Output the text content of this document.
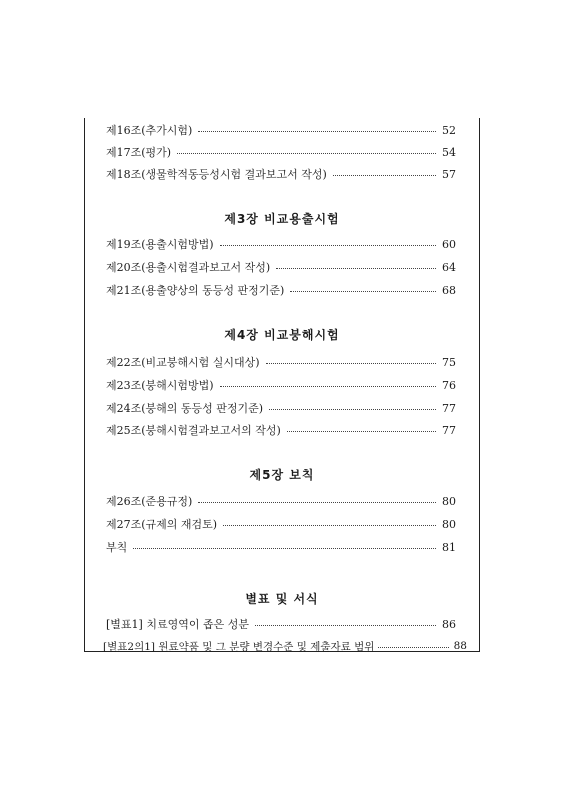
제16조(추가시험)	52
제17조(평가)	54
제18조(생물학적동등성시험 결과보고서 작성)	57
제3장 비교용출시험
제19조(용출시험방법)	60
제20조(용출시험결과보고서 작성)	64
제21조(용출양상의 동등성 판정기준)	68
제4장 비교붕해시험
제22조(비교붕해시험 실시대상)	75
제23조(붕해시험방법)	76
제24조(붕해의 동등성 판정기준)	77
제25조(붕해시험결과보고서의 작성)	77
제5장 보칙
제26조(준용규정)	80
제27조(규제의 재검토)	80
부칙	81
별표 및 서식
[별표1] 치료영역이 좁은 성분	86
[별표2의1] 원료약품 및 그 분량 변경수준 및 제출자료 범위	88
